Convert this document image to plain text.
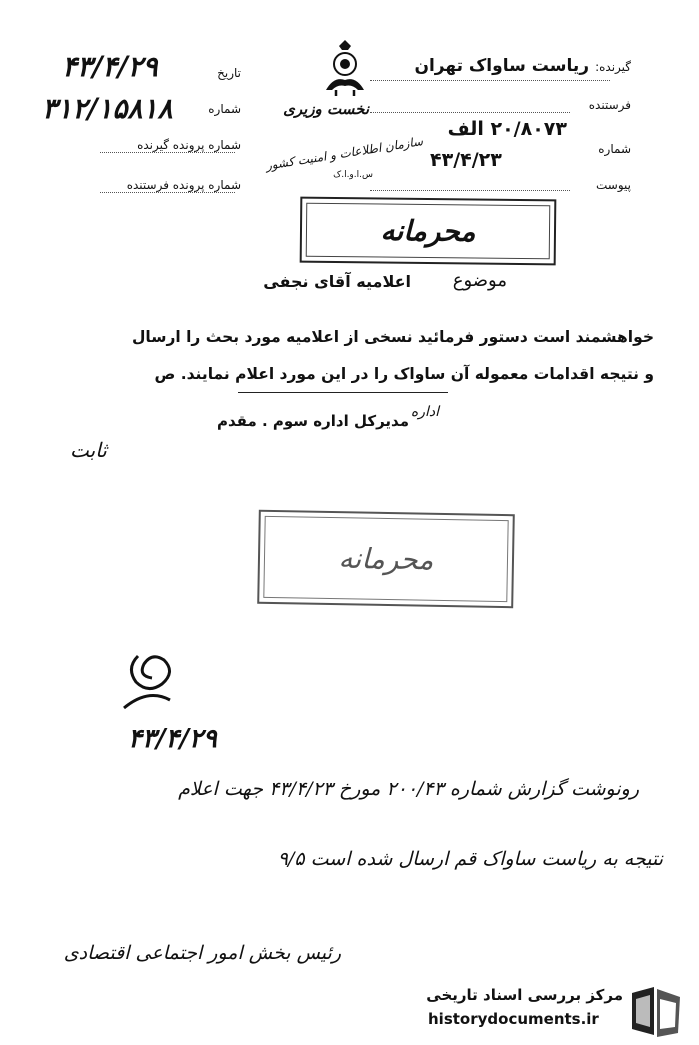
گیرنده:
ریاست ساواک تهران
فرستنده
شماره
۲۰/۸۰۷۳ الف
۴۳/۴/۲۳
پیوست
نخست وزیری
سازمان اطلاعات و امنیت کشور
س.ا.و.ا.ک
تاریخ
۴۳/۴/۲۹
شماره
۳۱۲/۱۵۸۱۸
شماره پرونده گیرنده
شماره پرونده فرستنده
محرمانه
موضوع
اعلامیه آقای نجفی
خواهشمند است دستور فرمائید نسخی از اعلامیه مورد بحث را ارسال
و نتیجه اقدامات معموله آن ساواک را در این مورد اعلام نمایند. ص
مدیرکل اداره سوم . مقدم اداره
ثابت
محرمانه
۴۳/۴/۲۹
رونوشت گزارش شماره ۲۰۰/۴۳ مورخ ۴۳/۴/۲۳ جهت اعلام
نتیجه به ریاست ساواک قم ارسال شده است ۹/۵
رئیس بخش امور اجتماعی اقتصادی
مرکز بررسی اسناد تاریخی
historydocuments.ir
